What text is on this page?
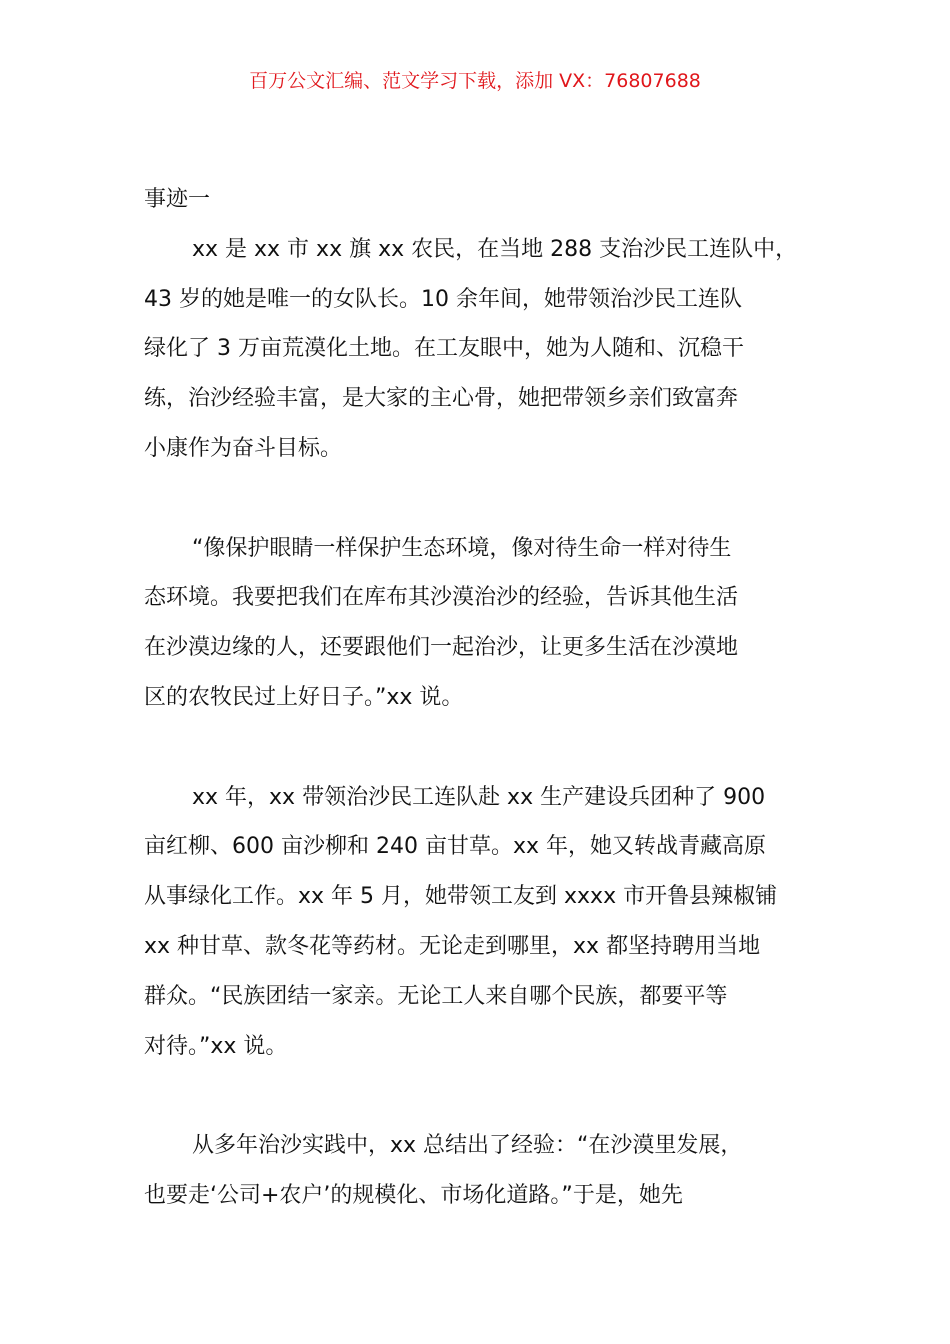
百万公文汇编、范文学习下载，添加 VX：76807688
事迹一
xx 是 xx 市 xx 旗 xx 农民，在当地 288 支治沙民工连队中，
43 岁的她是唯一的女队长。10 余年间，她带领治沙民工连队
绿化了 3 万亩荒漠化土地。在工友眼中，她为人随和、沉稳干
练，治沙经验丰富，是大家的主心骨，她把带领乡亲们致富奔
小康作为奋斗目标。
“像保护眼睛一样保护生态环境，像对待生命一样对待生
态环境。我要把我们在库布其沙漠治沙的经验，告诉其他生活
在沙漠边缘的人，还要跟他们一起治沙，让更多生活在沙漠地
区的农牧民过上好日子。”xx 说。
xx 年，xx 带领治沙民工连队赴 xx 生产建设兵团种了 900
亩红柳、600 亩沙柳和 240 亩甘草。xx 年，她又转战青藏高原
从事绿化工作。xx 年 5 月，她带领工友到 xxxx 市开鲁县辣椒铺
xx 种甘草、款冬花等药材。无论走到哪里，xx 都坚持聘用当地
群众。“民族团结一家亲。无论工人来自哪个民族，都要平等
对待。”xx 说。
从多年治沙实践中，xx 总结出了经验：“在沙漠里发展，
也要走‘公司+农户’的规模化、市场化道路。”于是，她先
